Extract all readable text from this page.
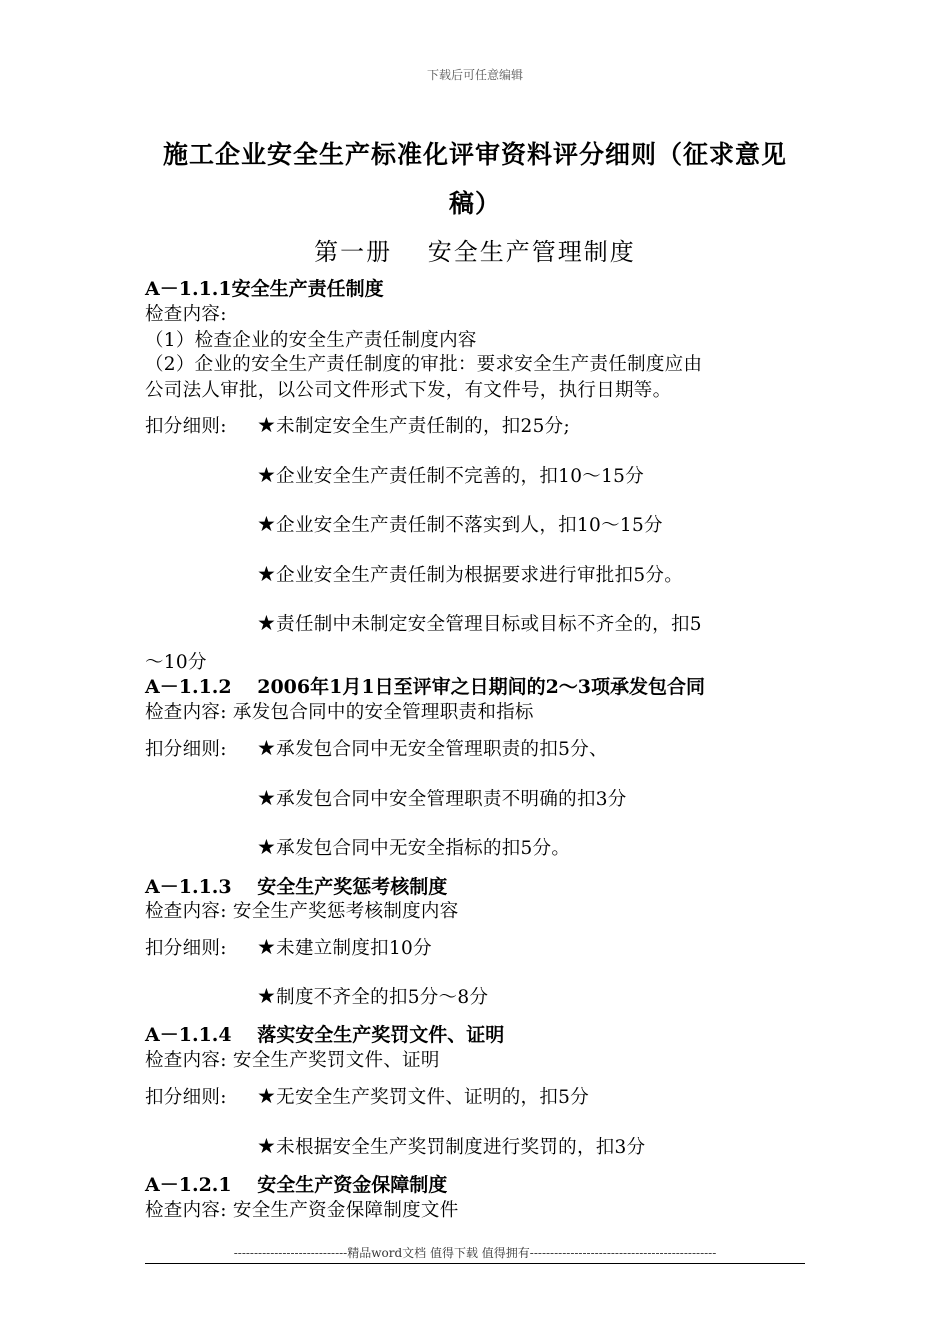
下载后可任意编辑
施工企业安全生产标准化评审资料评分细则（征求意见
稿）
第一册　 安全生产管理制度
A－1.1.1安全生产责任制度
检查内容:
（1）检查企业的安全生产责任制度内容
（2）企业的安全生产责任制度的审批：要求安全生产责任制度应由
公司法人审批，以公司文件形式下发，有文件号，执行日期等。
扣分细则: ★未制定安全生产责任制的，扣25分;
★企业安全生产责任制不完善的，扣10～15分
★企业安全生产责任制不落实到人，扣10～15分
★企业安全生产责任制为根据要求进行审批扣5分。
★责任制中未制定安全管理目标或目标不齐全的，扣5
～10分
A－1.1.2　 2006年1月1日至评审之日期间的2～3项承发包合同
检查内容: 承发包合同中的安全管理职责和指标
扣分细则: ★承发包合同中无安全管理职责的扣5分、
★承发包合同中安全管理职责不明确的扣3分
★承发包合同中无安全指标的扣5分。
A－1.1.3　 安全生产奖惩考核制度
检查内容: 安全生产奖惩考核制度内容
扣分细则: ★未建立制度扣10分
★制度不齐全的扣5分～8分
A－1.1.4　 落实安全生产奖罚文件、证明
检查内容: 安全生产奖罚文件、证明
扣分细则: ★无安全生产奖罚文件、证明的，扣5分
★未根据安全生产奖罚制度进行奖罚的，扣3分
A－1.2.1　 安全生产资金保障制度
检查内容: 安全生产资金保障制度文件
----------------------------精品word文档 值得下载 值得拥有----------------------------------------------
